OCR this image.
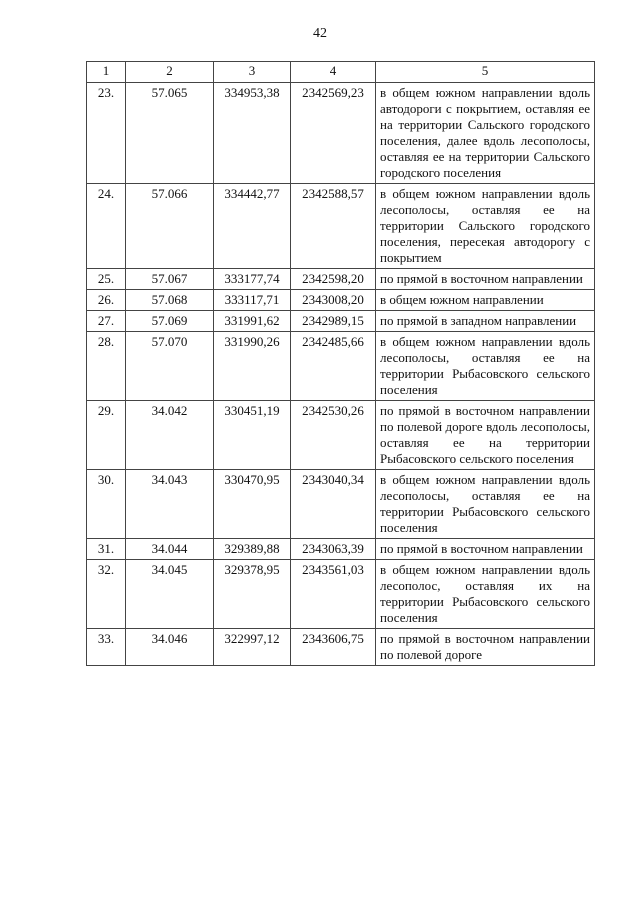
42
1	2	3	4	5
23.	57.065	334953,38	2342569,23	в общем южном направлении вдоль автодороги с покрытием, оставляя ее на территории Сальского городского поселения, далее вдоль лесополосы, оставляя ее на территории Сальского городского поселения
24.	57.066	334442,77	2342588,57	в общем южном направлении вдоль лесополосы, оставляя ее на территории Сальского городского поселения, пересекая автодорогу с покрытием
25.	57.067	333177,74	2342598,20	по прямой в восточном направлении
26.	57.068	333117,71	2343008,20	в общем южном направлении
27.	57.069	331991,62	2342989,15	по прямой в западном направлении
28.	57.070	331990,26	2342485,66	в общем южном направлении вдоль лесополосы, оставляя ее на территории Рыбасовского сельского поселения
29.	34.042	330451,19	2342530,26	по прямой в восточном направлении по полевой дороге вдоль лесополосы, оставляя ее на территории Рыбасовского сельского поселения
30.	34.043	330470,95	2343040,34	в общем южном направлении вдоль лесополосы, оставляя ее на территории Рыбасовского сельского поселения
31.	34.044	329389,88	2343063,39	по прямой в восточном направлении
32.	34.045	329378,95	2343561,03	в общем южном направлении вдоль лесополос, оставляя их на территории Рыбасовского сельского поселения
33.	34.046	322997,12	2343606,75	по прямой в восточном направлении по полевой дороге
